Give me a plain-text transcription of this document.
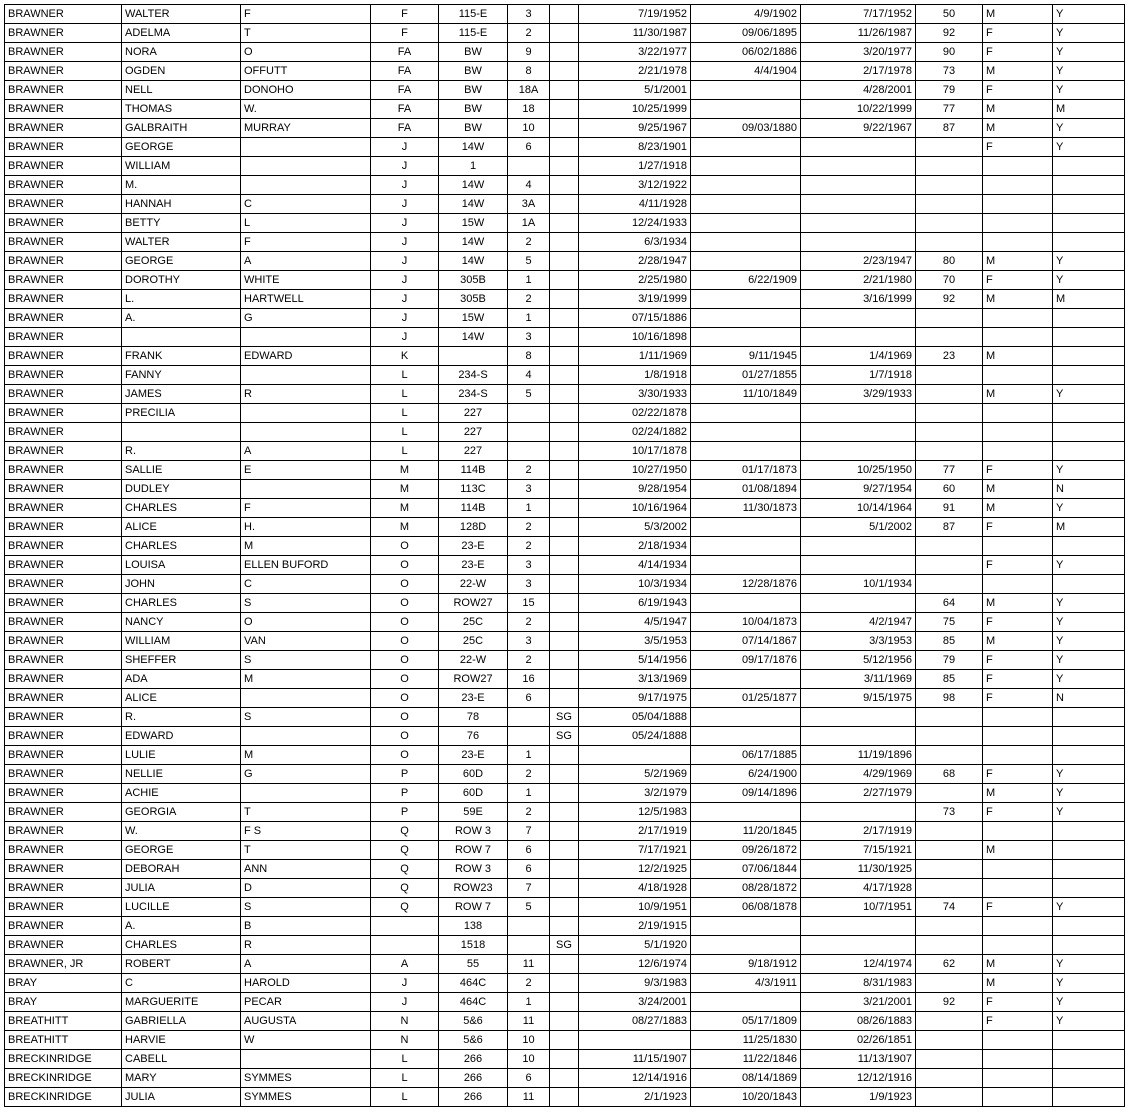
BRAWNER	WALTER	F	F	115-E	3		7/19/1952	4/9/1902	7/17/1952	50	M	Y
BRAWNER	ADELMA	T	F	115-E	2		11/30/1987	09/06/1895	11/26/1987	92	F	Y
BRAWNER	NORA	O	FA	BW	9		3/22/1977	06/02/1886	3/20/1977	90	F	Y
BRAWNER	OGDEN	OFFUTT	FA	BW	8		2/21/1978	4/4/1904	2/17/1978	73	M	Y
BRAWNER	NELL	DONOHO	FA	BW	18A		5/1/2001		4/28/2001	79	F	Y
BRAWNER	THOMAS	W.	FA	BW	18		10/25/1999		10/22/1999	77	M	M
BRAWNER	GALBRAITH	MURRAY	FA	BW	10		9/25/1967	09/03/1880	9/22/1967	87	M	Y
BRAWNER	GEORGE		J	14W	6		8/23/1901				F	Y
BRAWNER	WILLIAM		J	1			1/27/1918					
BRAWNER	M.		J	14W	4		3/12/1922					
BRAWNER	HANNAH	C	J	14W	3A		4/11/1928					
BRAWNER	BETTY	L	J	15W	1A		12/24/1933					
BRAWNER	WALTER	F	J	14W	2		6/3/1934					
BRAWNER	GEORGE	A	J	14W	5		2/28/1947		2/23/1947	80	M	Y
BRAWNER	DOROTHY	WHITE	J	305B	1		2/25/1980	6/22/1909	2/21/1980	70	F	Y
BRAWNER	L.	HARTWELL	J	305B	2		3/19/1999		3/16/1999	92	M	M
BRAWNER	A.	G	J	15W	1		07/15/1886					
BRAWNER			J	14W	3		10/16/1898					
BRAWNER	FRANK	EDWARD	K		8		1/11/1969	9/11/1945	1/4/1969	23	M	
BRAWNER	FANNY		L	234-S	4		1/8/1918	01/27/1855	1/7/1918			
BRAWNER	JAMES	R	L	234-S	5		3/30/1933	11/10/1849	3/29/1933		M	Y
BRAWNER	PRECILIA		L	227			02/22/1878					
BRAWNER			L	227			02/24/1882					
BRAWNER	R.	A	L	227			10/17/1878					
BRAWNER	SALLIE	E	M	114B	2		10/27/1950	01/17/1873	10/25/1950	77	F	Y
BRAWNER	DUDLEY		M	113C	3		9/28/1954	01/08/1894	9/27/1954	60	M	N
BRAWNER	CHARLES	F	M	114B	1		10/16/1964	11/30/1873	10/14/1964	91	M	Y
BRAWNER	ALICE	H.	M	128D	2		5/3/2002		5/1/2002	87	F	M
BRAWNER	CHARLES	M	O	23-E	2		2/18/1934					
BRAWNER	LOUISA	ELLEN BUFORD	O	23-E	3		4/14/1934				F	Y
BRAWNER	JOHN	C	O	22-W	3		10/3/1934	12/28/1876	10/1/1934			
BRAWNER	CHARLES	S	O	ROW27	15		6/19/1943			64	M	Y
BRAWNER	NANCY	O	O	25C	2		4/5/1947	10/04/1873	4/2/1947	75	F	Y
BRAWNER	WILLIAM	VAN	O	25C	3		3/5/1953	07/14/1867	3/3/1953	85	M	Y
BRAWNER	SHEFFER	S	O	22-W	2		5/14/1956	09/17/1876	5/12/1956	79	F	Y
BRAWNER	ADA	M	O	ROW27	16		3/13/1969		3/11/1969	85	F	Y
BRAWNER	ALICE		O	23-E	6		9/17/1975	01/25/1877	9/15/1975	98	F	N
BRAWNER	R.	S	O	78		SG	05/04/1888					
BRAWNER	EDWARD		O	76		SG	05/24/1888					
BRAWNER	LULIE	M	O	23-E	1			06/17/1885	11/19/1896			
BRAWNER	NELLIE	G	P	60D	2		5/2/1969	6/24/1900	4/29/1969	68	F	Y
BRAWNER	ACHIE		P	60D	1		3/2/1979	09/14/1896	2/27/1979		M	Y
BRAWNER	GEORGIA	T	P	59E	2		12/5/1983			73	F	Y
BRAWNER	W.	F S	Q	ROW 3	7		2/17/1919	11/20/1845	2/17/1919			
BRAWNER	GEORGE	T	Q	ROW 7	6		7/17/1921	09/26/1872	7/15/1921		M	
BRAWNER	DEBORAH	ANN	Q	ROW 3	6		12/2/1925	07/06/1844	11/30/1925			
BRAWNER	JULIA	D	Q	ROW23	7		4/18/1928	08/28/1872	4/17/1928			
BRAWNER	LUCILLE	S	Q	ROW 7	5		10/9/1951	06/08/1878	10/7/1951	74	F	Y
BRAWNER	A.	B		138			2/19/1915					
BRAWNER	CHARLES	R		1518		SG	5/1/1920					
BRAWNER, JR	ROBERT	A	A	55	11		12/6/1974	9/18/1912	12/4/1974	62	M	Y
BRAY	C	HAROLD	J	464C	2		9/3/1983	4/3/1911	8/31/1983		M	Y
BRAY	MARGUERITE	PECAR	J	464C	1		3/24/2001		3/21/2001	92	F	Y
BREATHITT	GABRIELLA	AUGUSTA	N	5&6	11		08/27/1883	05/17/1809	08/26/1883		F	Y
BREATHITT	HARVIE	W	N	5&6	10			11/25/1830	02/26/1851			
BRECKINRIDGE	CABELL		L	266	10		11/15/1907	11/22/1846	11/13/1907			
BRECKINRIDGE	MARY	SYMMES	L	266	6		12/14/1916	08/14/1869	12/12/1916			
BRECKINRIDGE	JULIA	SYMMES	L	266	11		2/1/1923	10/20/1843	1/9/1923			
